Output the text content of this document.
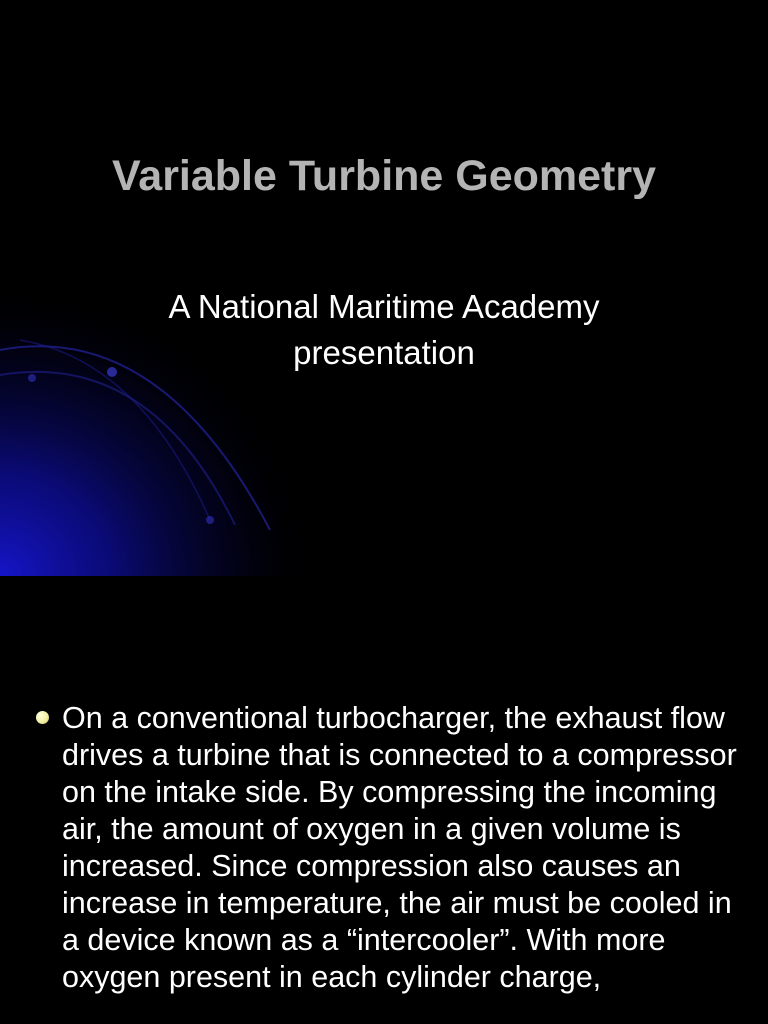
Variable Turbine Geometry
A National Maritime Academy
presentation
On a conventional turbocharger, the exhaust flow drives a turbine that is connected to a compressor on the intake side. By compressing the incoming air, the amount of oxygen in a given volume is increased. Since compression also causes an increase in temperature, the air must be cooled in a device known as a “intercooler”. With more oxygen present in each cylinder charge,
